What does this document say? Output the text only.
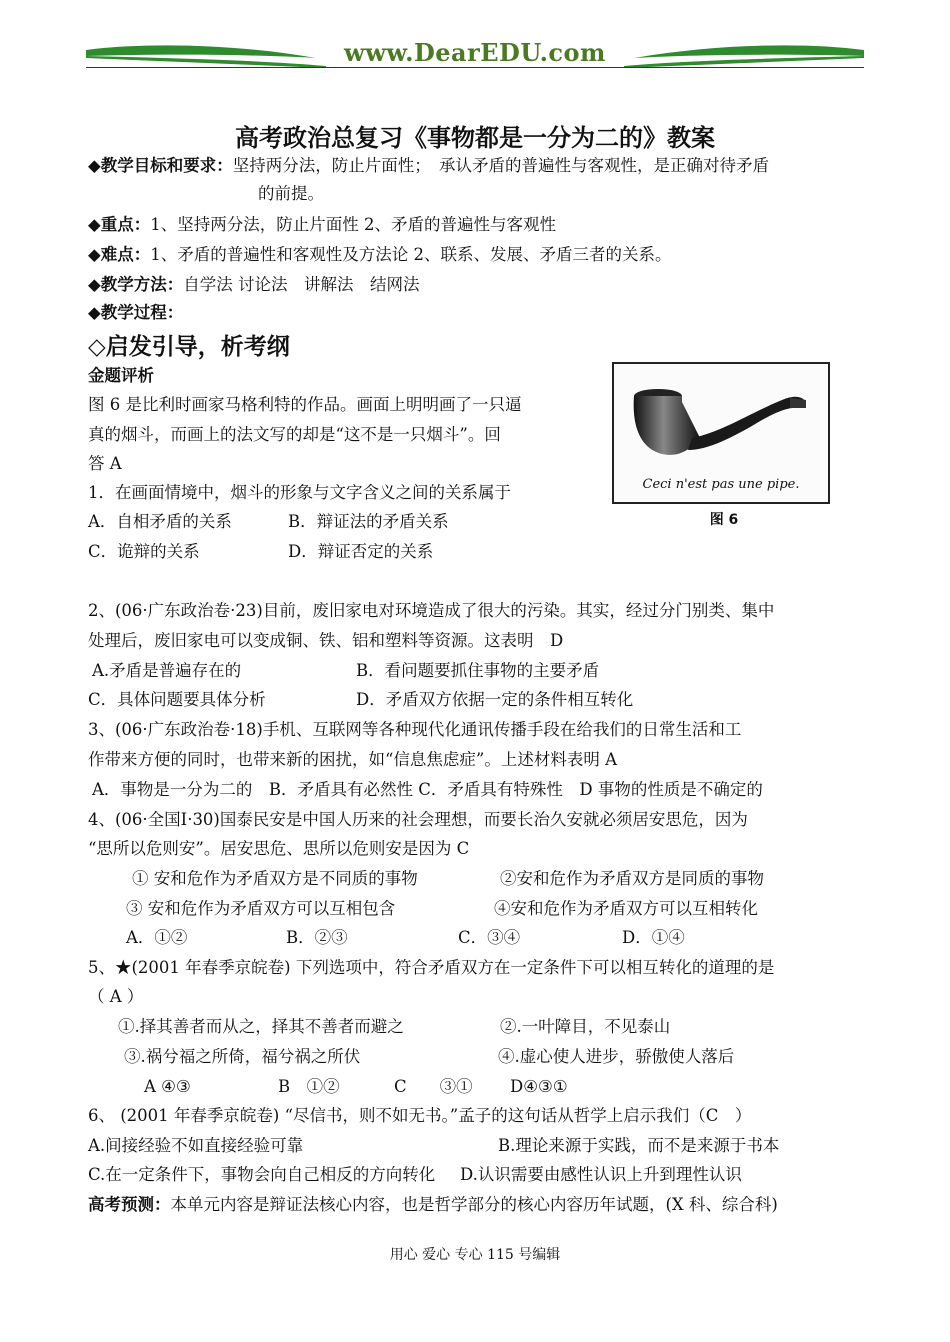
www.DearEDU.com
高考政治总复习《事物都是一分为二的》教案
◆教学目标和要求：坚持两分法，防止片面性；　承认矛盾的普遍性与客观性，是正确对待矛盾
的前提。
◆重点：1、坚持两分法，防止片面性 2、矛盾的普遍性与客观性
◆难点：1、矛盾的普遍性和客观性及方法论 2、联系、发展、矛盾三者的关系。
◆教学方法：自学法 讨论法　讲解法　结网法
◆教学过程：
◇启发引导，析考纲
金题评析
图 6 是比利时画家马格利特的作品。画面上明明画了一只逼
真的烟斗，而画上的法文写的却是“这不是一只烟斗”。回
答 A
1．在画面情境中，烟斗的形象与文字含义之间的关系属于
A．自相矛盾的关系	B．辩证法的矛盾关系
C．诡辩的关系	D．辩证否定的关系
Ceci n'est pas une pipe.
图 6
2、(06·广东政治卷·23)目前，废旧家电对环境造成了很大的污染。其实，经过分门别类、集中
处理后，废旧家电可以变成铜、铁、铝和塑料等资源。这表明　D
A.矛盾是普遍存在的	B．看问题要抓住事物的主要矛盾
C．具体问题要具体分析	D．矛盾双方依据一定的条件相互转化
3、(06·广东政治卷·18)手机、互联网等各种现代化通讯传播手段在给我们的日常生活和工
作带来方便的同时，也带来新的困扰，如“信息焦虑症”。上述材料表明 A
A．事物是一分为二的　B．矛盾具有必然性 C．矛盾具有特殊性　D 事物的性质是不确定的
4、(06·全国Ⅰ·30)国泰民安是中国人历来的社会理想，而要长治久安就必须居安思危，因为
“思所以危则安”。居安思危、思所以危则安是因为 C
① 安和危作为矛盾双方是不同质的事物	②安和危作为矛盾双方是同质的事物
③ 安和危作为矛盾双方可以互相包含	④安和危作为矛盾双方可以互相转化
A．①②	B．②③	C．③④	D．①④
5、★(2001 年春季京皖卷) 下列选项中，符合矛盾双方在一定条件下可以相互转化的道理的是
（ A ）
①.择其善者而从之，择其不善者而避之	②.一叶障目，不见泰山
③.祸兮福之所倚，福兮祸之所伏	④.虚心使人进步，骄傲使人落后
A ④③	B　①②	C　　③① D④③①
6、 (2001 年春季京皖卷) “尽信书，则不如无书。”孟子的这句话从哲学上启示我们（C　）
A.间接经验不如直接经验可靠	B.理论来源于实践，而不是来源于书本
C.在一定条件下，事物会向自己相反的方向转化 D.认识需要由感性认识上升到理性认识
高考预测：本单元内容是辩证法核心内容，也是哲学部分的核心内容历年试题，(X 科、综合科)
用心 爱心 专心 115 号编辑
